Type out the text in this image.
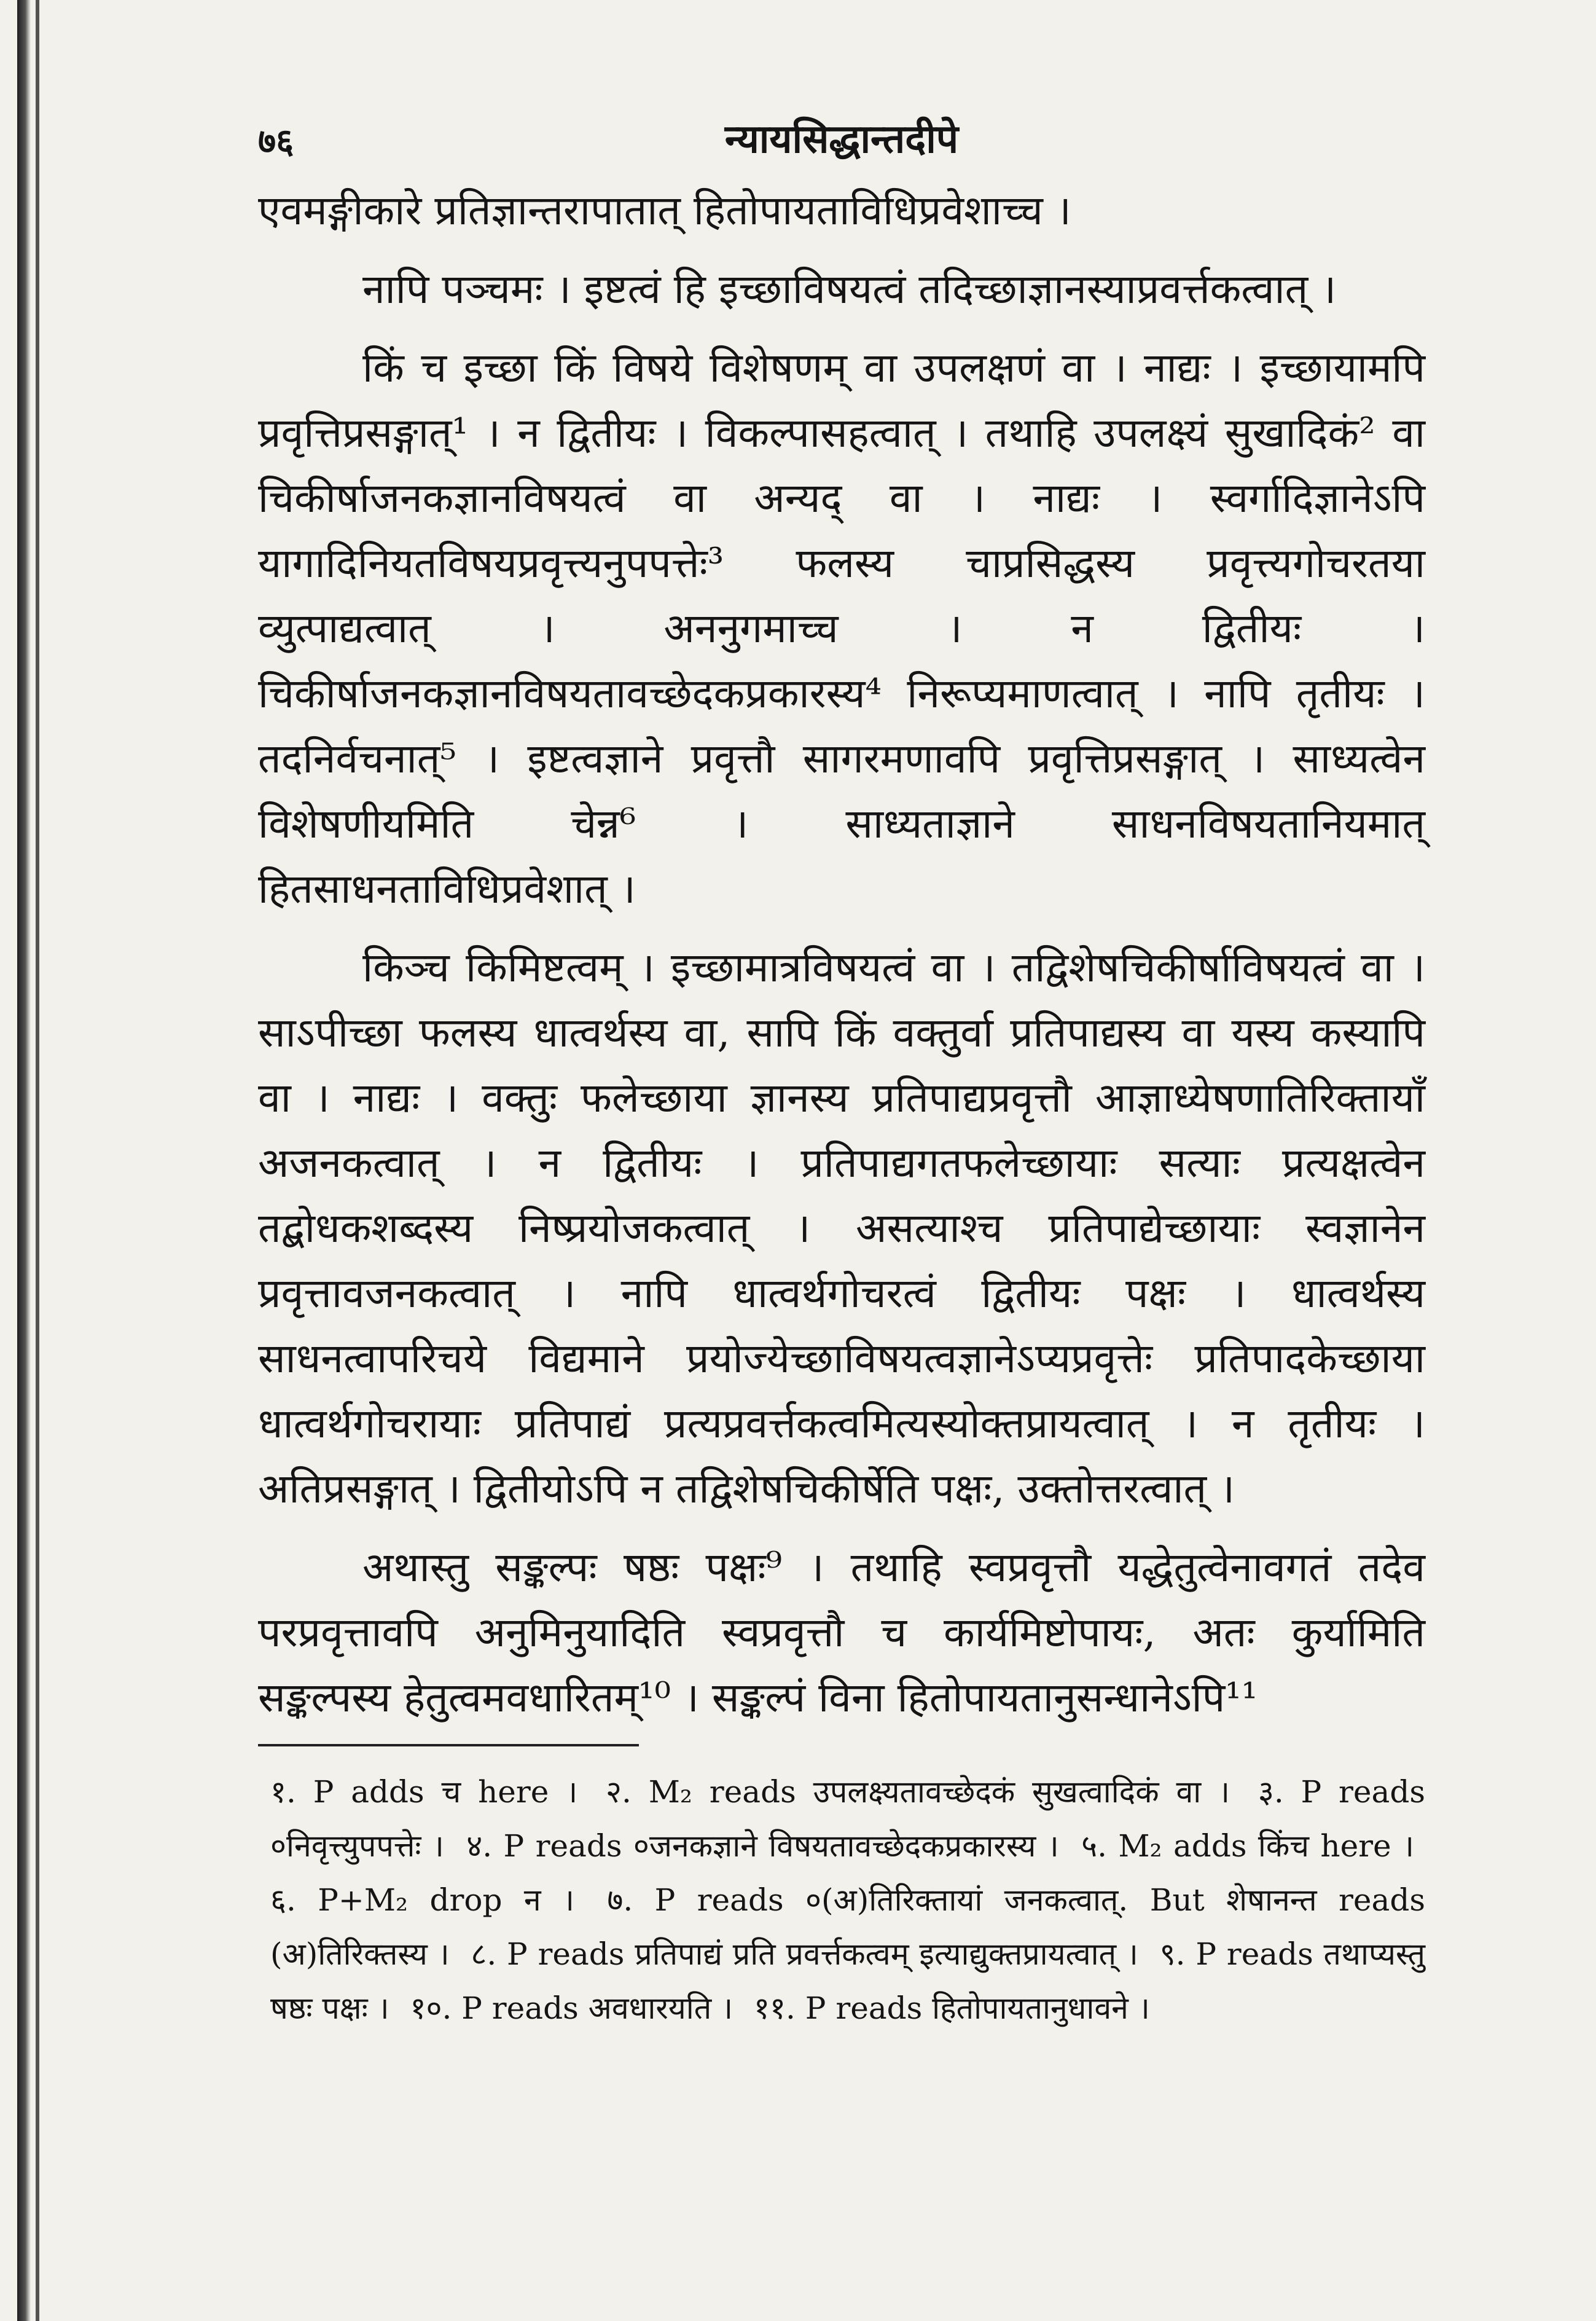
७६	न्यायसिद्धान्तदीपे

एवमङ्गीकारे प्रतिज्ञान्तरापातात् हितोपायताविधिप्रवेशाच्च ।

नापि पञ्चमः । इष्टत्वं हि इच्छाविषयत्वं तदिच्छाज्ञानस्याप्रवर्त्तकत्वात् ।

किं च इच्छा किं विषये विशेषणम् वा उपलक्षणं वा । नाद्यः । इच्छायामपि प्रवृत्तिप्रसङ्गात्¹ । न द्वितीयः । विकल्पासहत्वात् । तथाहि उपलक्ष्यं सुखादिकं² वा चिकीर्षाजनकज्ञानविषयत्वं वा अन्यद् वा । नाद्यः । स्वर्गादिज्ञानेऽपि यागादिनियतविषयप्रवृत्त्यनुपपत्तेः³ फलस्य चाप्रसिद्धस्य प्रवृत्त्यगोचरतया व्युत्पाद्यत्वात् । अननुगमाच्च । न द्वितीयः । चिकीर्षाजनकज्ञानविषयतावच्छेदकप्रकारस्य⁴ निरूप्यमाणत्वात् । नापि तृतीयः । तदनिर्वचनात्⁵ । इष्टत्वज्ञाने प्रवृत्तौ सागरमणावपि प्रवृत्तिप्रसङ्गात् । साध्यत्वेन विशेषणीयमिति चेन्न⁶ । साध्यताज्ञाने साधनविषयतानियमात् हितसाधनताविधिप्रवेशात् ।

किञ्च किमिष्टत्वम् । इच्छामात्रविषयत्वं वा । तद्विशेषचिकीर्षाविषयत्वं वा । साऽपीच्छा फलस्य धात्वर्थस्य वा, सापि किं वक्तुर्वा प्रतिपाद्यस्य वा यस्य कस्यापि वा । नाद्यः । वक्तुः फलेच्छाया ज्ञानस्य प्रतिपाद्यप्रवृत्तौ आज्ञाध्येषणातिरिक्तायाँ अजनकत्वात् । न द्वितीयः । प्रतिपाद्यगतफलेच्छायाः सत्याः प्रत्यक्षत्वेन तद्बोधकशब्दस्य निष्प्रयोजकत्वात् । असत्याश्च प्रतिपाद्येच्छायाः स्वज्ञानेन प्रवृत्तावजनकत्वात् । नापि धात्वर्थगोचरत्वं द्वितीयः पक्षः । धात्वर्थस्य साधनत्वापरिचये विद्यमाने प्रयोज्येच्छाविषयत्वज्ञानेऽप्यप्रवृत्तेः प्रतिपादकेच्छाया धात्वर्थगोचरायाः प्रतिपाद्यं प्रत्यप्रवर्त्तकत्वमित्यस्योक्तप्रायत्वात् । न तृतीयः । अतिप्रसङ्गात् । द्वितीयोऽपि न तद्विशेषचिकीर्षेति पक्षः, उक्तोत्तरत्वात् ।

अथास्तु सङ्कल्पः षष्ठः पक्षः⁹ । तथाहि स्वप्रवृत्तौ यद्धेतुत्वेनावगतं तदेव परप्रवृत्तावपि अनुमिनुयादिति स्वप्रवृत्तौ च कार्यमिष्टोपायः, अतः कुर्यामिति सङ्कल्पस्य हेतुत्वमवधारितम्¹⁰ । सङ्कल्पं विना हितोपायतानुसन्धानेऽपि¹¹

१. P adds च here । २. M₂ reads उपलक्ष्यतावच्छेदकं सुखत्वादिकं वा । ३. P reads ०निवृत्त्युपपत्तेः । ४. P reads ०जनकज्ञाने विषयतावच्छेदकप्रकारस्य । ५. M₂ adds किंच here । ६. P+M₂ drop न । ७. P reads ०(अ)तिरिक्तायां जनकत्वात्. But शेषानन्त reads (अ)तिरिक्तस्य । ८. P reads प्रतिपाद्यं प्रति प्रवर्त्तकत्वम् इत्याद्युक्तप्रायत्वात् । ९. P reads तथाप्यस्तु षष्ठः पक्षः । १०. P reads अवधारयति । ११. P reads हितोपायतानुधावने ।
